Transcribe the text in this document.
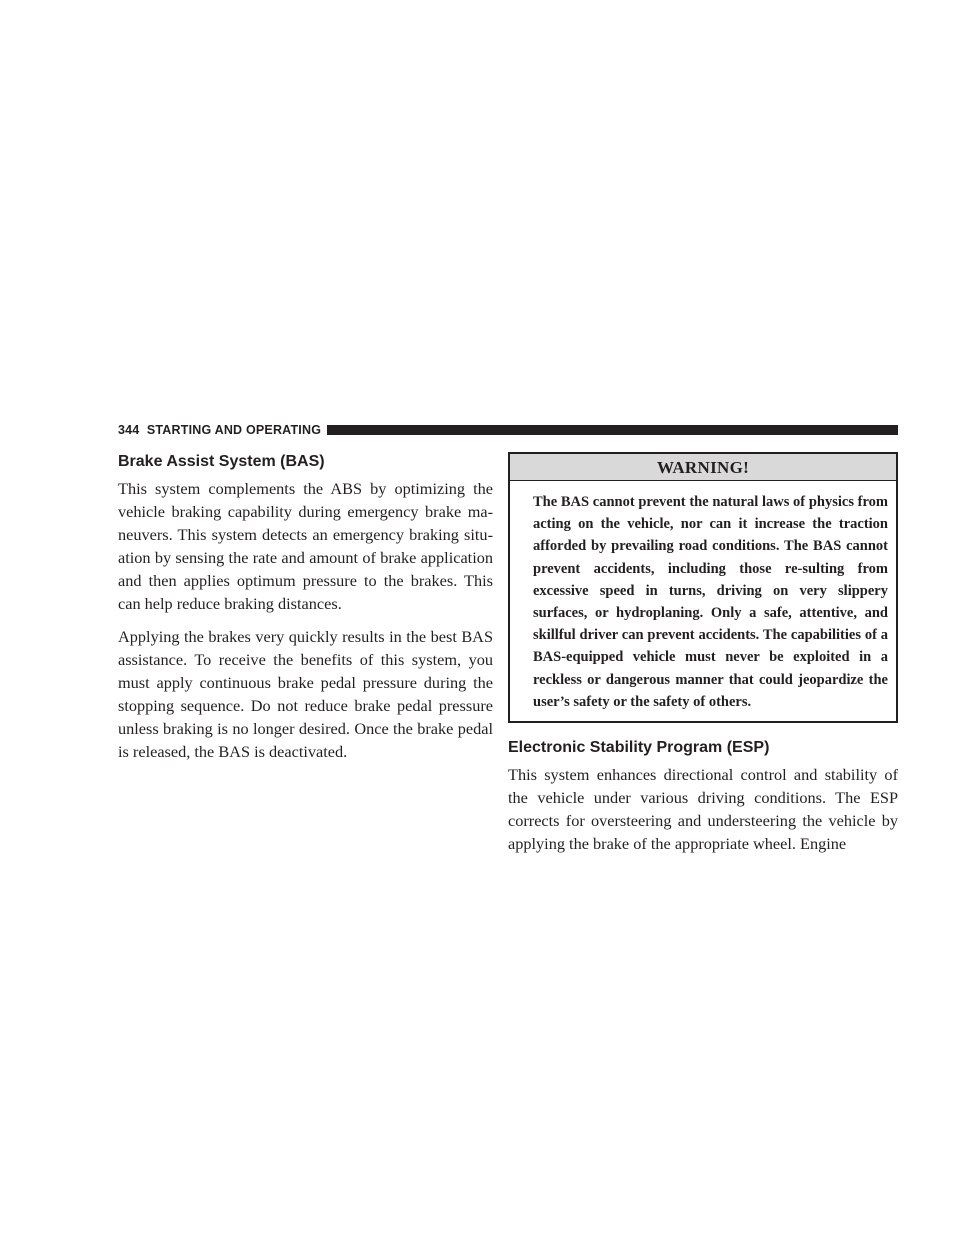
344 STARTING AND OPERATING
Brake Assist System (BAS)

This system complements the ABS by optimizing the vehicle braking capability during emergency brake ma-neuvers. This system detects an emergency braking situ-ation by sensing the rate and amount of brake application and then applies optimum pressure to the brakes. This can help reduce braking distances.

Applying the brakes very quickly results in the best BAS assistance. To receive the benefits of this system, you must apply continuous brake pedal pressure during the stopping sequence. Do not reduce brake pedal pressure unless braking is no longer desired. Once the brake pedal is released, the BAS is deactivated.

WARNING!

The BAS cannot prevent the natural laws of physics from acting on the vehicle, nor can it increase the traction afforded by prevailing road conditions. The BAS cannot prevent accidents, including those re-sulting from excessive speed in turns, driving on very slippery surfaces, or hydroplaning. Only a safe, attentive, and skillful driver can prevent accidents. The capabilities of a BAS-equipped vehicle must never be exploited in a reckless or dangerous manner that could jeopardize the user’s safety or the safety of others.

Electronic Stability Program (ESP)

This system enhances directional control and stability of the vehicle under various driving conditions. The ESP corrects for oversteering and understeering the vehicle by applying the brake of the appropriate wheel. Engine
